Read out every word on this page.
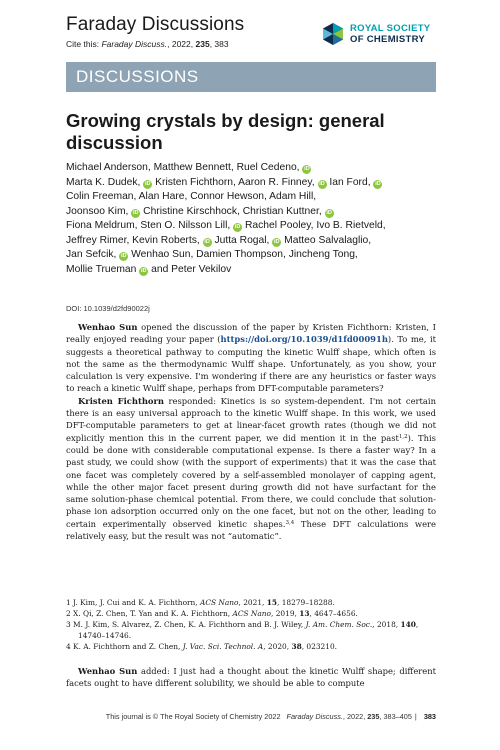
Faraday Discussions
Cite this: Faraday Discuss., 2022, 235, 383
ROYAL SOCIETY
OF CHEMISTRY
DISCUSSIONS
Growing crystals by design: general
discussion
Michael Anderson, Matthew Bennett, Ruel Cedeno, iD
Marta K. Dudek, iD Kristen Fichthorn, Aaron R. Finney, iD Ian Ford, iD
Colin Freeman, Alan Hare, Connor Hewson, Adam Hill,
Joonsoo Kim, iD Christine Kirschhock, Christian Kuttner, iD
Fiona Meldrum, Sten O. Nilsson Lill, iD Rachel Pooley, Ivo B. Rietveld,
Jeffrey Rimer, Kevin Roberts, iD Jutta Rogal, iD Matteo Salvalaglio,
Jan Sefcik, iD Wenhao Sun, Damien Thompson, Jincheng Tong,
Mollie Trueman iD and Peter Vekilov
DOI: 10.1039/d2fd90022j

Wenhao Sun opened the discussion of the paper by Kristen Fichthorn: Kristen, I really enjoyed reading your paper (https://doi.org/10.1039/d1fd00091h). To me, it suggests a theoretical pathway to computing the kinetic Wulff shape, which often is not the same as the thermodynamic Wulff shape. Unfortunately, as you show, your calculation is very expensive. I'm wondering if there are any heuristics or faster ways to reach a kinetic Wulff shape, perhaps from DFT-computable parameters?

Kristen Fichthorn responded: Kinetics is so system-dependent. I'm not certain there is an easy universal approach to the kinetic Wulff shape. In this work, we used DFT-computable parameters to get at linear-facet growth rates (though we did not explicitly mention this in the current paper, we did mention it in the past$^{1,2}$). This could be done with considerable computational expense. Is there a faster way? In a past study, we could show (with the support of experiments) that it was the case that one facet was completely covered by a self-assembled monolayer of capping agent, while the other major facet present during growth did not have surfactant for the same solution-phase chemical potential. From there, we could conclude that solution-phase ion adsorption occurred only on the one facet, but not on the other, leading to certain experimentally observed kinetic shapes.$^{3,4}$ These DFT calculations were relatively easy, but the result was not “automatic”.

1 J. Kim, J. Cui and K. A. Fichthorn, ACS Nano, 2021, 15, 18279–18288.
2 X. Qi, Z. Chen, T. Yan and K. A. Fichthorn, ACS Nano, 2019, 13, 4647–4656.
3 M. J. Kim, S. Alvarez, Z. Chen, K. A. Fichthorn and B. J. Wiley, J. Am. Chem. Soc., 2018, 140, 14740–14746.
4 K. A. Fichthorn and Z. Chen, J. Vac. Sci. Technol. A, 2020, 38, 023210.

Wenhao Sun added: I just had a thought about the kinetic Wulff shape; different facets ought to have different solubility, we should be able to compute

This journal is © The Royal Society of Chemistry 2022 Faraday Discuss., 2022, 235, 383–405 | 383
